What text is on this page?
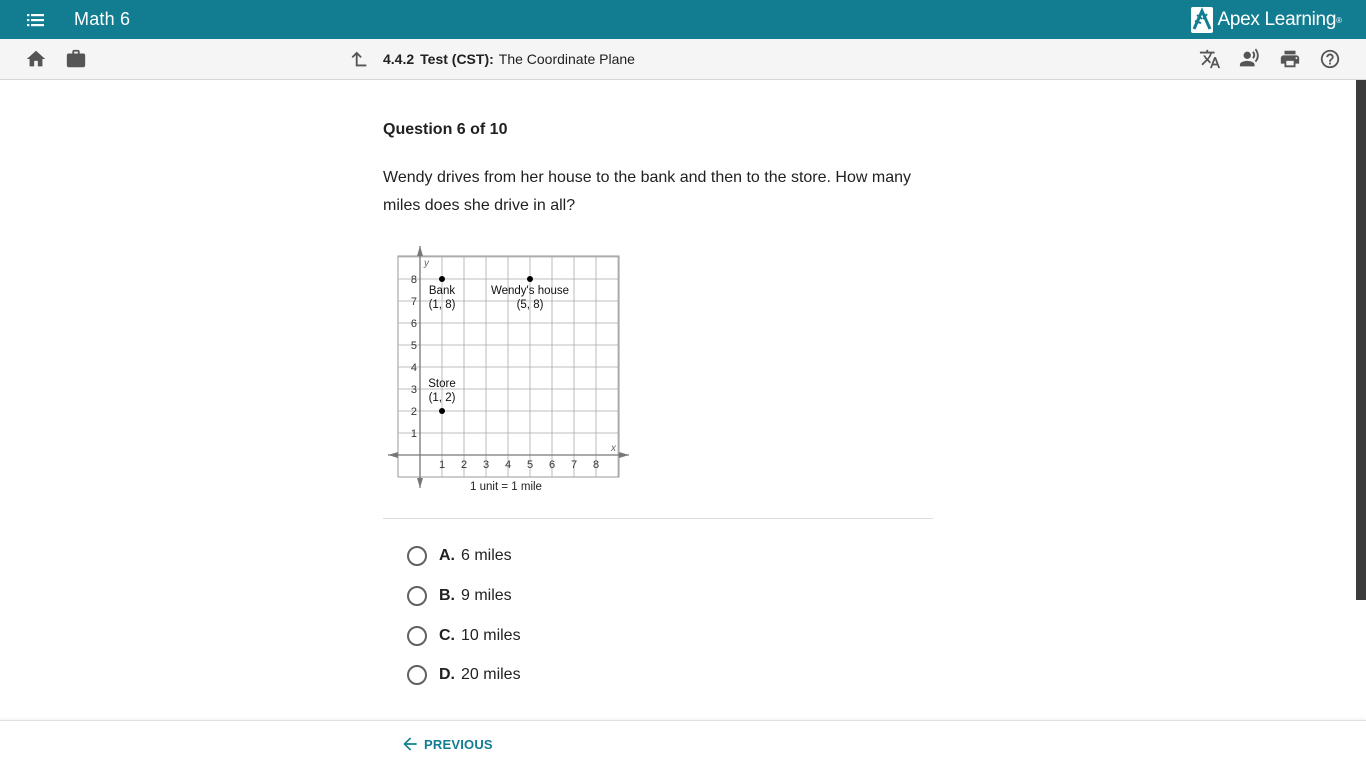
Math 6	Apex Learning ®
4.4.2 Test (CST): The Coordinate Plane
Question 6 of 10
Wendy drives from her house to the bank and then to the store. How many miles does she drive in all?
x
y
1 2 3 4 5 6 7 8
1
2
3
4
5
6
7
8
Bank
(1, 8)
Wendy's house
(5, 8)
Store
(1, 2)
1 unit = 1 mile
A. 6 miles
B. 9 miles
C. 10 miles
D. 20 miles
PREVIOUS
